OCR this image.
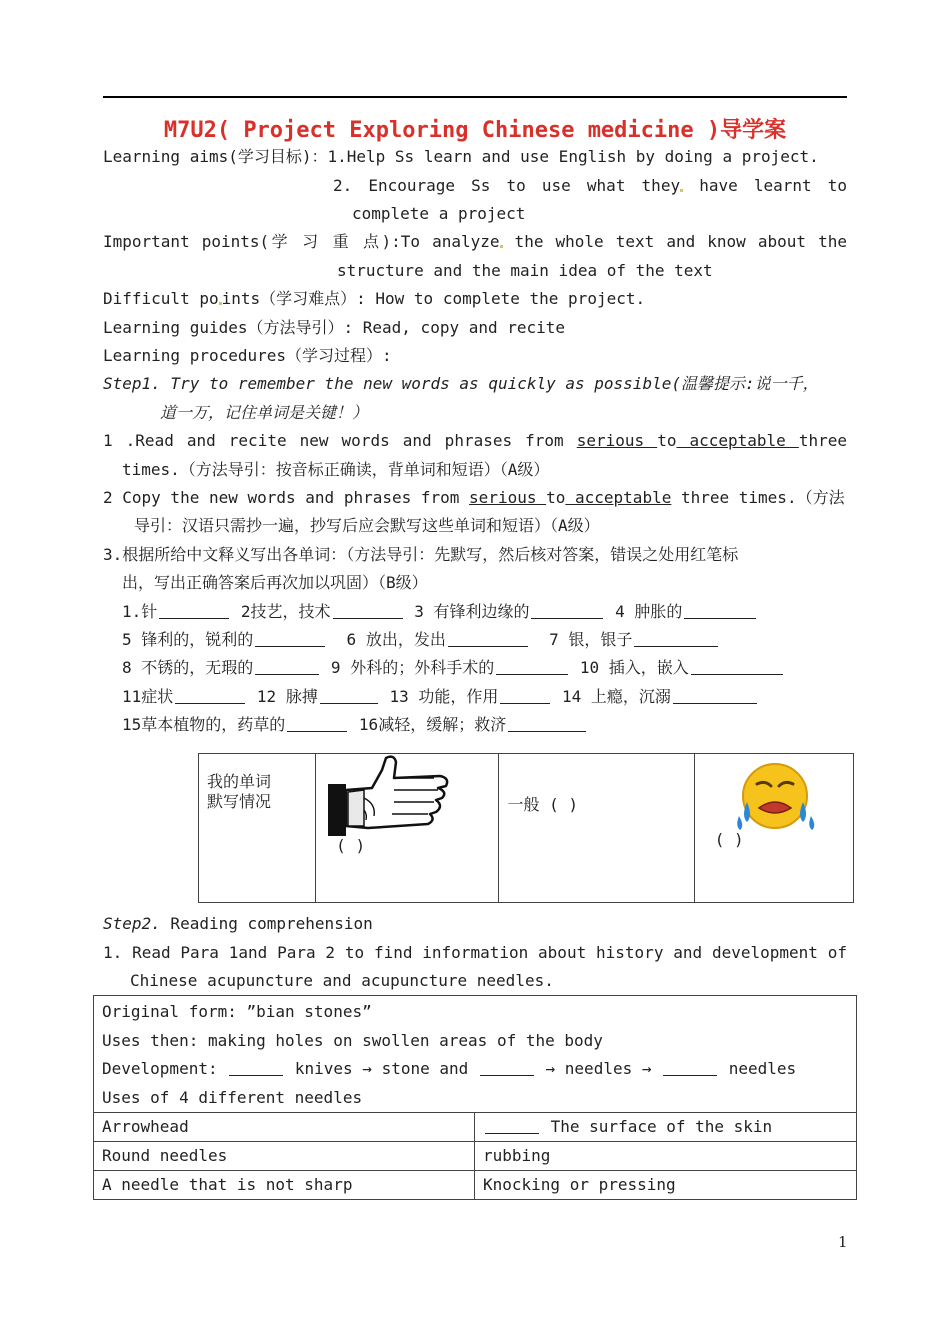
M7U2( Project Exploring Chinese medicine )导学案
Learning aims(学习目标)：1.Help Ss learn and use English by doing a project.
2. Encourage Ss to use what they have learnt to
complete a project
Important points(学 习 重 点):To analyze the whole text and know about the
structure and the main idea of the text
Difficult po ints（学习难点）: How to complete the project.
Learning guides（方法导引）: Read, copy and recite
Learning procedures（学习过程）:
Step1. Try to remember the new words as quickly as possible(温馨提示:说一千，
道一万，记住单词是关键！）
1 .Read and recite new words and phrases from serious to acceptable three
times.（方法导引：按音标正确读，背单词和短语）（A级）
2 Copy the new words and phrases from serious to acceptable three times.（方法
导引：汉语只需抄一遍，抄写后应会默写这些单词和短语）（A级）
3.根据所给中文释义写出各单词：（方法导引：先默写，然后核对答案，错误之处用红笔标
出，写出正确答案后再次加以巩固）（B级）
1.针	2技艺，技术	3 有锋利边缘的	4 肿胀的
5 锋利的，锐利的	6 放出，发出	7 银，银子
8 不锈的，无瑕的	9 外科的；外科手术的	10 插入，嵌入
11症状	12 脉搏	13 功能，作用	14 上瘾，沉溺
15草本植物的，药草的	16减轻，缓解；救济
我的单词
默写情况

( )
	一般 ( )	
( )
Step2. Reading comprehension
1. Read Para 1and Para 2 to find information about history and development of
Chinese acupuncture and acupuncture needles.
Original form: ”bian stones”
Uses then: making holes on swollen areas of the body
Development: knives → stone and → needles → needles
Uses of 4 different needles	

Arrowhead	The surface of the skin
Round needles	rubbing
A needle that is not sharp	Knocking or pressing
1
